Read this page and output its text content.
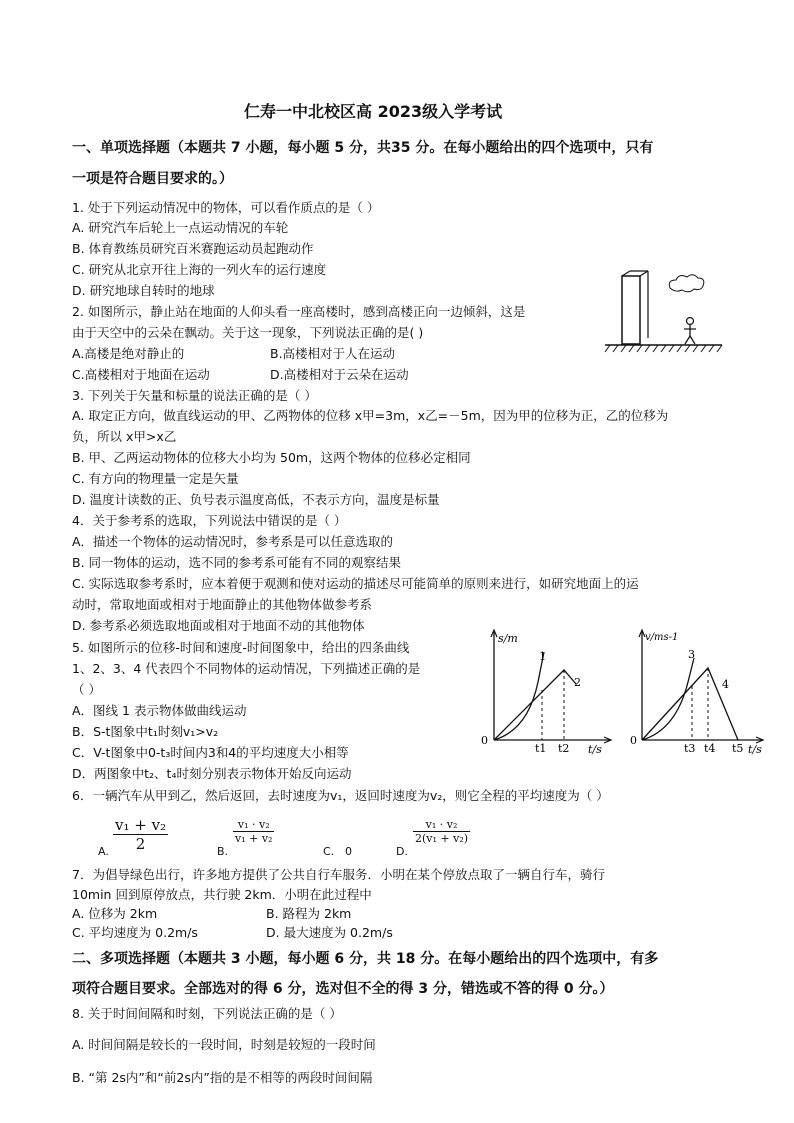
仁寿一中北校区高 2023级入学考试
一、单项选择题（本题共 7 小题，每小题 5 分，共35 分。在每小题给出的四个选项中，只有
一项是符合题目要求的。）
1. 处于下列运动情况中的物体，可以看作质点的是（ ）
A. 研究汽车后轮上一点运动情况的车轮
B. 体育教练员研究百米赛跑运动员起跑动作
C. 研究从北京开往上海的一列火车的运行速度
D. 研究地球自转时的地球
2. 如图所示，静止站在地面的人仰头看一座高楼时，感到高楼正向一边倾斜，这是
由于天空中的云朵在飘动。关于这一现象，下列说法正确的是( )
A.高楼是绝对静止的	B.高楼相对于人在运动
C.高楼相对于地面在运动	D.高楼相对于云朵在运动
3. 下列关于矢量和标量的说法正确的是（ ）
A. 取定正方向，做直线运动的甲、乙两物体的位移 x甲=3m，x乙=－5m，因为甲的位移为正，乙的位移为
负，所以 x甲>x乙
B. 甲、乙两运动物体的位移大小均为 50m，这两个物体的位移必定相同
C. 有方向的物理量一定是矢量
D. 温度计读数的正、负号表示温度高低，不表示方向，温度是标量
4．关于参考系的选取，下列说法中错误的是（ ）
A．描述一个物体的运动情况时，参考系是可以任意选取的
B. 同一物体的运动，选不同的参考系可能有不同的观察结果
C. 实际选取参考系时，应本着便于观测和使对运动的描述尽可能简单的原则来进行，如研究地面上的运
动时，常取地面或相对于地面静止的其他物体做参考系
D. 参考系必须选取地面或相对于地面不动的其他物体
s/m
t/s
0
t1 t2
1
2
v/ms-1
t/s
0
t3 t4 t5
3
4
5. 如图所示的位移-时间和速度-时间图象中，给出的四条曲线
1、2、3、4 代表四个不同物体的运动情况，下列描述正确的是
（ ）
A．图线 1 表示物体做曲线运动
B．S-t图象中t₁时刻v₁>v₂
C．V-t图象中0-t₃时间内3和4的平均速度大小相等
D．两图象中t₂、t₄时刻分别表示物体开始反向运动
6．一辆汽车从甲到乙，然后返回，去时速度为v₁，返回时速度为v₂，则它全程的平均速度为（ ）
A. $\frac{\text{v₁ + v₂}}{2}$	B.
$\frac{\text{v₁ · v₂}}{\text{v₁ + v₂}}$
C. 0	D.
$\frac{\text{v₁ · v₂}}{\text{2(v₁ + v₂)}}$
7．为倡导绿色出行，许多地方提供了公共自行车服务．小明在某个停放点取了一辆自行车，骑行
10min 回到原停放点，共行驶 2km．小明在此过程中
A. 位移为 2km	B. 路程为 2km
C. 平均速度为 0.2m/s	D. 最大速度为 0.2m/s
二、多项选择题（本题共 3 小题，每小题 6 分，共 18 分。在每小题给出的四个选项中，有多
项符合题目要求。全部选对的得 6 分，选对但不全的得 3 分，错选或不答的得 0 分。）
8. 关于时间间隔和时刻，下列说法正确的是（ ）
A. 时间间隔是较长的一段时间，时刻是较短的一段时间
B. “第 2s内”和“前2s内”指的是不相等的两段时间间隔
